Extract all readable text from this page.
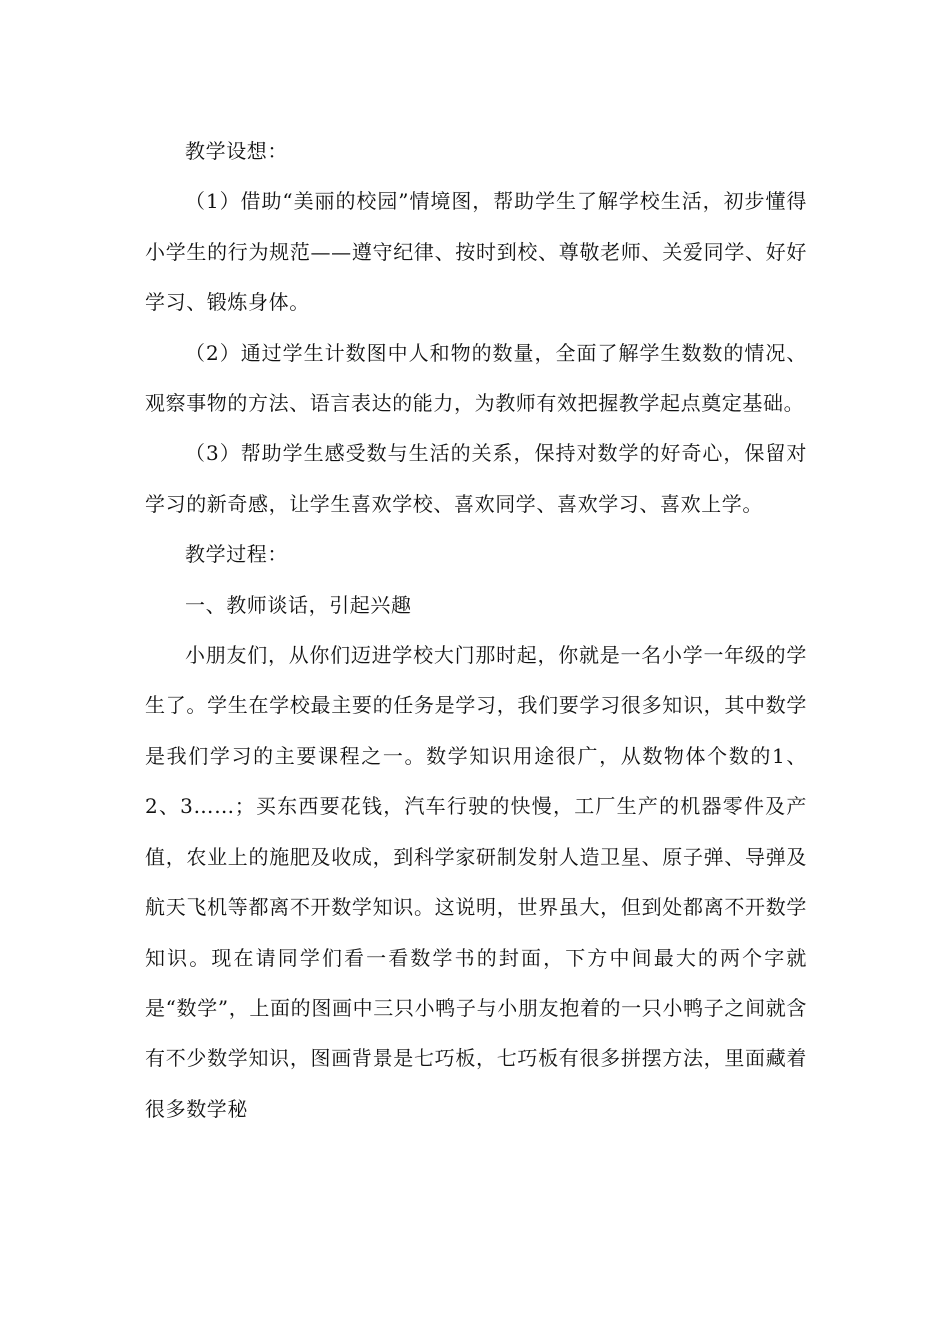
教学设想：

（1）借助“美丽的校园”情境图，帮助学生了解学校生活，初步懂得小学生的行为规范——遵守纪律、按时到校、尊敬老师、关爱同学、好好学习、锻炼身体。

（2）通过学生计数图中人和物的数量，全面了解学生数数的情况、观察事物的方法、语言表达的能力，为教师有效把握教学起点奠定基础。

（3）帮助学生感受数与生活的关系，保持对数学的好奇心，保留对学习的新奇感，让学生喜欢学校、喜欢同学、喜欢学习、喜欢上学。

教学过程：

一、教师谈话，引起兴趣

小朋友们，从你们迈进学校大门那时起，你就是一名小学一年级的学生了。学生在学校最主要的任务是学习，我们要学习很多知识，其中数学是我们学习的主要课程之一。数学知识用途很广，从数物体个数的1、2、3……；买东西要花钱，汽车行驶的快慢，工厂生产的机器零件及产值，农业上的施肥及收成，到科学家研制发射人造卫星、原子弹、导弹及航天飞机等都离不开数学知识。这说明，世界虽大，但到处都离不开数学知识。现在请同学们看一看数学书的封面，下方中间最大的两个字就是“数学”，上面的图画中三只小鸭子与小朋友抱着的一只小鸭子之间就含有不少数学知识，图画背景是七巧板，七巧板有很多拼摆方法，里面藏着很多数学秘
